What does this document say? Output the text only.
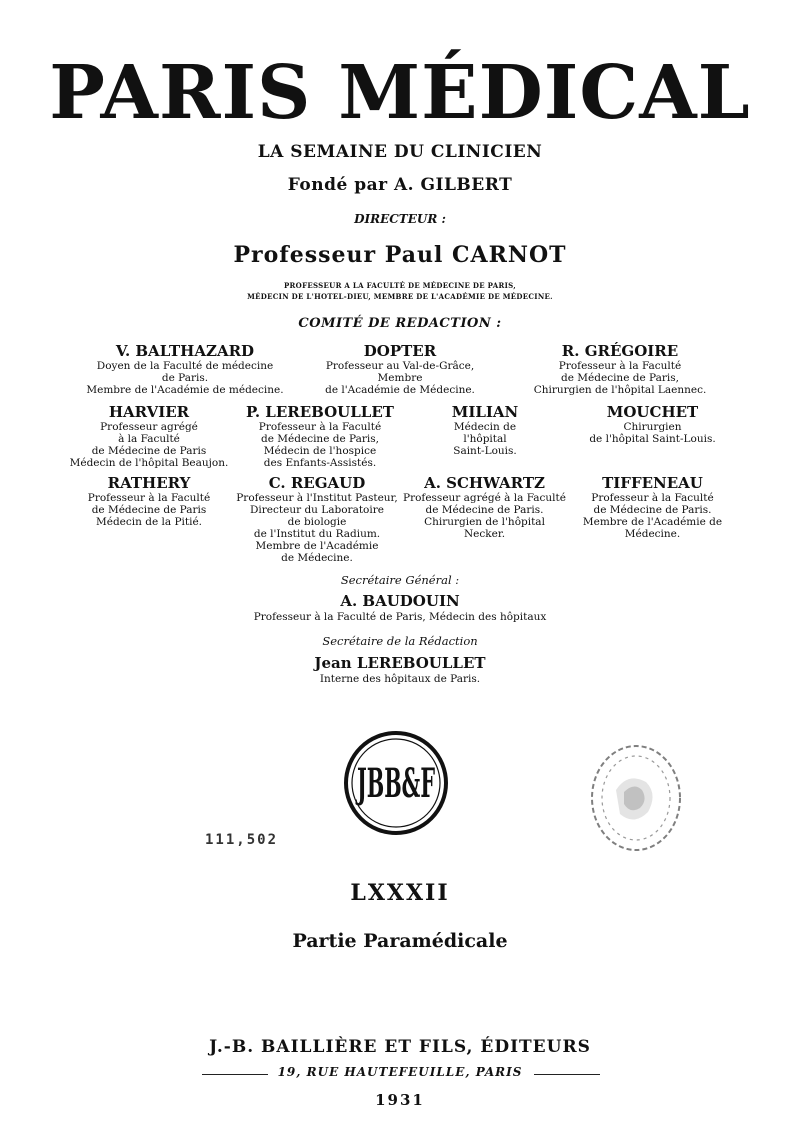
PARIS MÉDICAL
LA SEMAINE DU CLINICIEN
Fondé par A. GILBERT
DIRECTEUR :
Professeur Paul CARNOT
PROFESSEUR A LA FACULTÉ DE MÉDECINE DE PARIS,
MÉDECIN DE L'HOTEL-DIEU, MEMBRE DE L'ACADÉMIE DE MÉDECINE.
COMITÉ DE REDACTION :
V. BALTHAZARD
Doyen de la Faculté de médecine
de Paris.
Membre de l'Académie de médecine.
DOPTER
Professeur au Val-de-Grâce,
Membre
de l'Académie de Médecine.
R. GRÉGOIRE
Professeur à la Faculté
de Médecine de Paris,
Chirurgien de l'hôpital Laennec.
HARVIER
Professeur agrégé
à la Faculté
de Médecine de Paris
Médecin de l'hôpital Beaujon.
P. LEREBOULLET
Professeur à la Faculté
de Médecine de Paris,
Médecin de l'hospice
des Enfants-Assistés.
MILIAN
Médecin de
l'hôpital
Saint-Louis.
MOUCHET
Chirurgien
de l'hôpital Saint-Louis.
RATHERY
Professeur à la Faculté
de Médecine de Paris
Médecin de la Pitié.
C. REGAUD
Professeur à l'Institut Pasteur,
Directeur du Laboratoire
de biologie
de l'Institut du Radium.
Membre de l'Académie
de Médecine.
A. SCHWARTZ
Professeur agrégé à la Faculté
de Médecine de Paris.
Chirurgien de l'hôpital
Necker.
TIFFENEAU
Professeur à la Faculté
de Médecine de Paris.
Membre de l'Académie de
Médecine.
Secrétaire Général :
A. BAUDOUIN
Professeur à la Faculté de Paris, Médecin des hôpitaux
Secrétaire de la Rédaction
Jean LEREBOULLET
Interne des hôpitaux de Paris.
JBB&F
111,502
LXXXII
Partie Paramédicale
J.-B. BAILLIÈRE ET FILS, ÉDITEURS
19, RUE HAUTEFEUILLE, PARIS
1931
